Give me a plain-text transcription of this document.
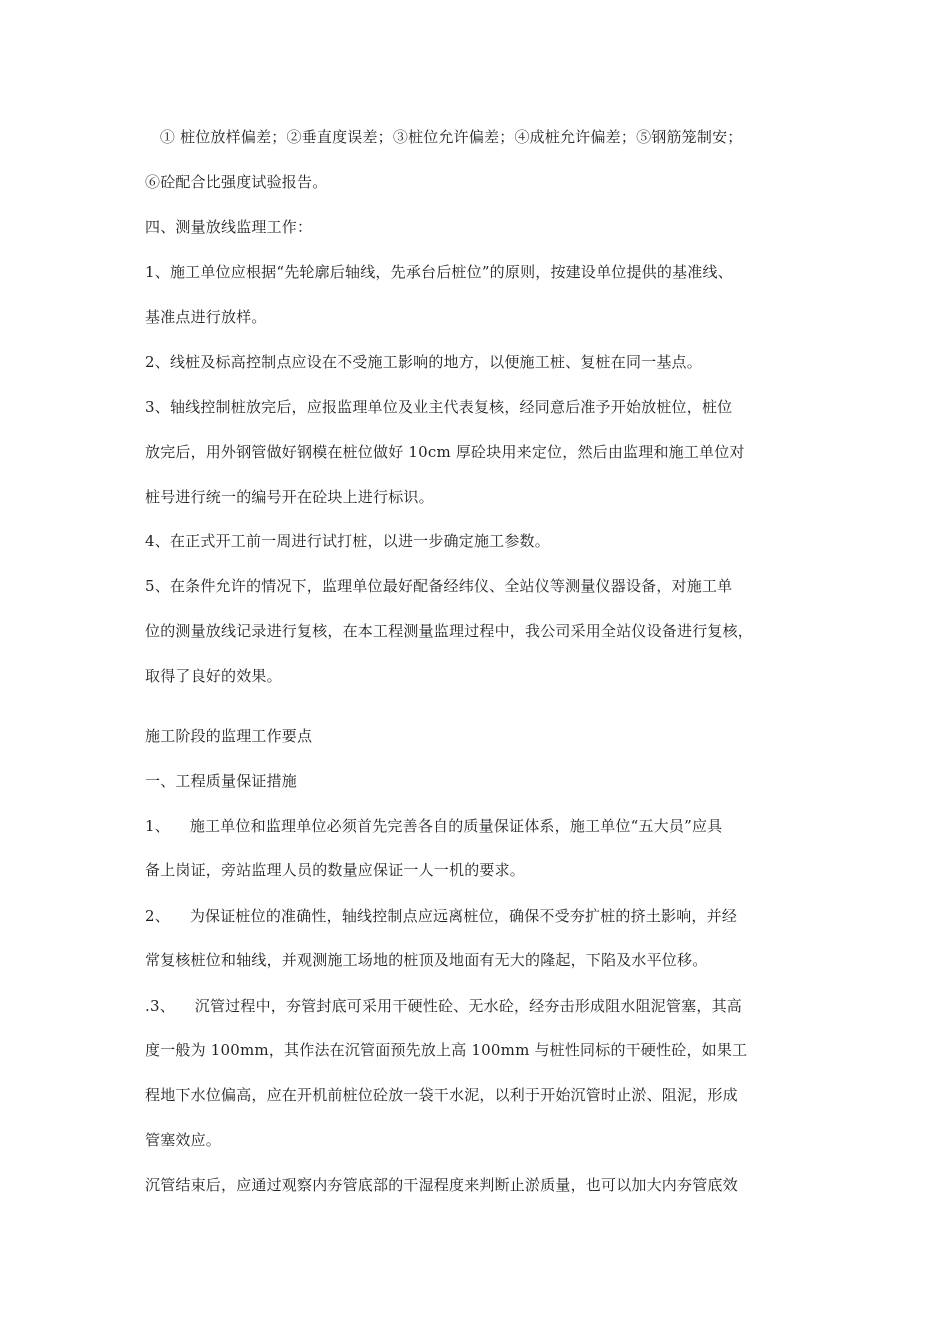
① 桩位放样偏差；②垂直度误差；③桩位允许偏差；④成桩允许偏差；⑤钢筋笼制安；
⑥砼配合比强度试验报告。
四、测量放线监理工作：
1、施工单位应根据“先轮廓后轴线，先承台后桩位”的原则，按建设单位提供的基准线、
基准点进行放样。
2、线桩及标高控制点应设在不受施工影响的地方，以便施工桩、复桩在同一基点。
3、轴线控制桩放完后，应报监理单位及业主代表复核，经同意后准予开始放桩位，桩位
放完后，用外钢管做好钢模在桩位做好 10cm 厚砼块用来定位，然后由监理和施工单位对
桩号进行统一的编号开在砼块上进行标识。
4、在正式开工前一周进行试打桩，以进一步确定施工参数。
5、在条件允许的情况下，监理单位最好配备经纬仪、全站仪等测量仪器设备，对施工单
位的测量放线记录进行复核，在本工程测量监理过程中，我公司采用全站仪设备进行复核，
取得了良好的效果。
施工阶段的监理工作要点
一、工程质量保证措施
1、    施工单位和监理单位必须首先完善各自的质量保证体系，施工单位“五大员”应具
备上岗证，旁站监理人员的数量应保证一人一机的要求。
2、    为保证桩位的准确性，轴线控制点应远离桩位，确保不受夯扩桩的挤土影响，并经
常复核桩位和轴线，并观测施工场地的桩顶及地面有无大的隆起，下陷及水平位移。
.3、    沉管过程中，夯管封底可采用干硬性砼、无水砼，经夯击形成阻水阻泥管塞，其高
度一般为 100mm，其作法在沉管面预先放上高 100mm 与桩性同标的干硬性砼，如果工
程地下水位偏高，应在开机前桩位砼放一袋干水泥，以利于开始沉管时止淤、阻泥，形成
管塞效应。
沉管结束后，应通过观察内夯管底部的干湿程度来判断止淤质量，也可以加大内夯管底效
